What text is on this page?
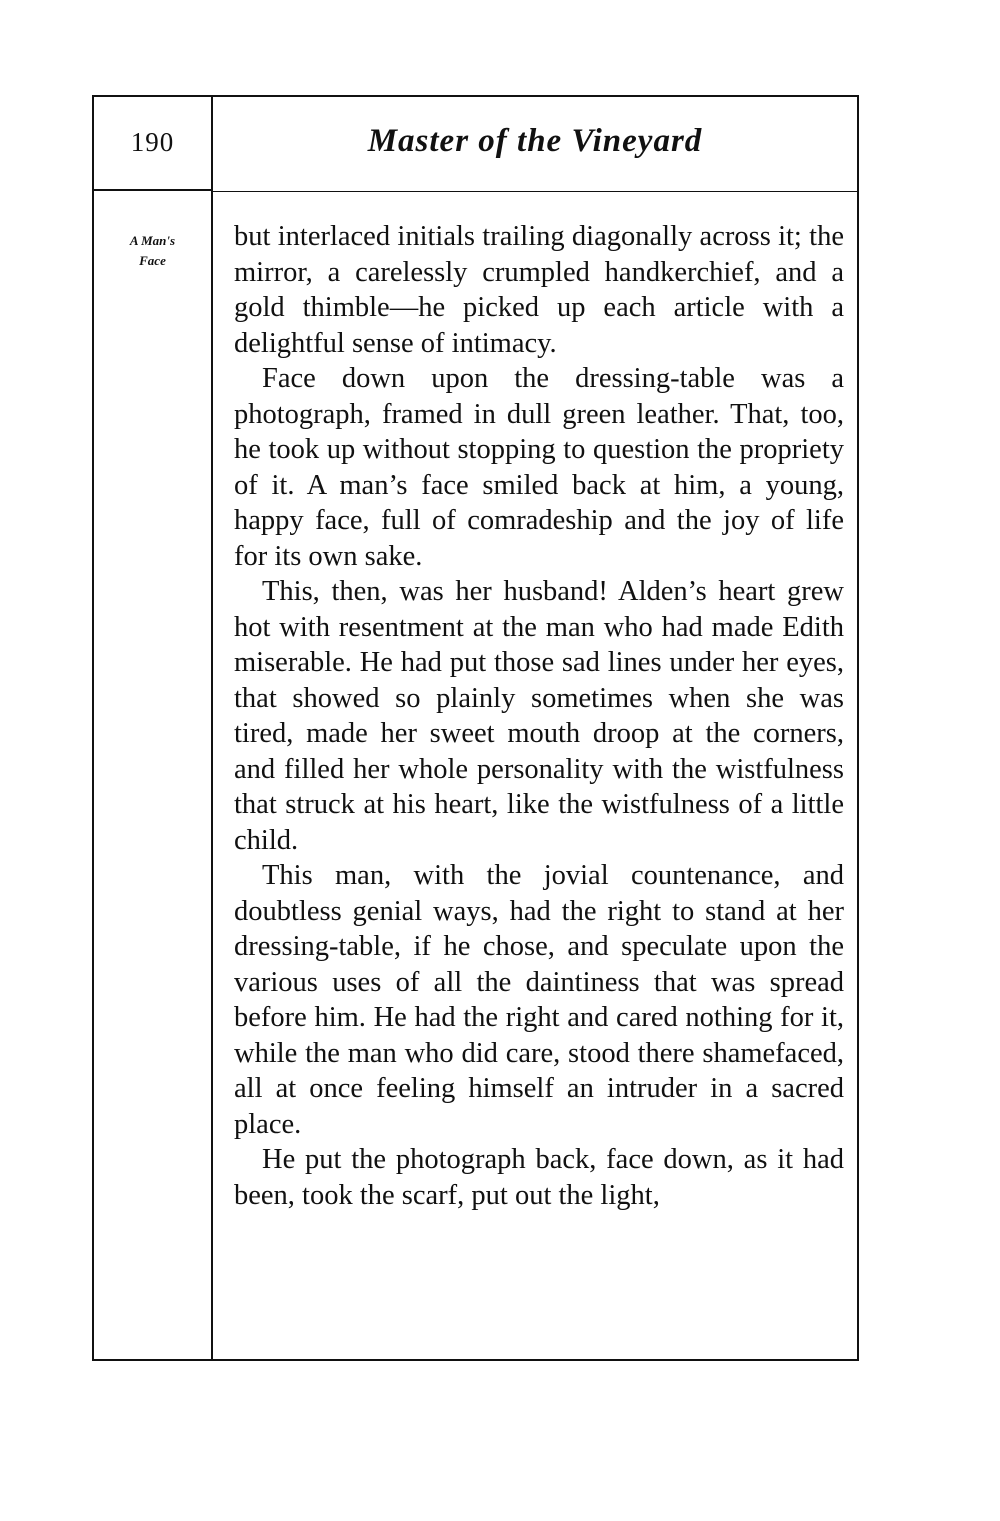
190	Master of the Vineyard
A Man's
Face

but interlaced initials trailing diagonally across it; the mirror, a carelessly crumpled handkerchief, and a gold thimble—he picked up each article with a delightful sense of intimacy.

Face down upon the dressing-table was a photograph, framed in dull green leather. That, too, he took up without stopping to question the propriety of it. A man’s face smiled back at him, a young, happy face, full of comradeship and the joy of life for its own sake.

This, then, was her husband! Alden’s heart grew hot with resentment at the man who had made Edith miserable. He had put those sad lines under her eyes, that showed so plainly sometimes when she was tired, made her sweet mouth droop at the corners, and filled her whole personality with the wistfulness that struck at his heart, like the wistfulness of a little child.

This man, with the jovial countenance, and doubtless genial ways, had the right to stand at her dressing-table, if he chose, and speculate upon the various uses of all the daintiness that was spread before him. He had the right and cared nothing for it, while the man who did care, stood there shamefaced, all at once feeling himself an intruder in a sacred place.

He put the photograph back, face down, as it had been, took the scarf, put out the light,
